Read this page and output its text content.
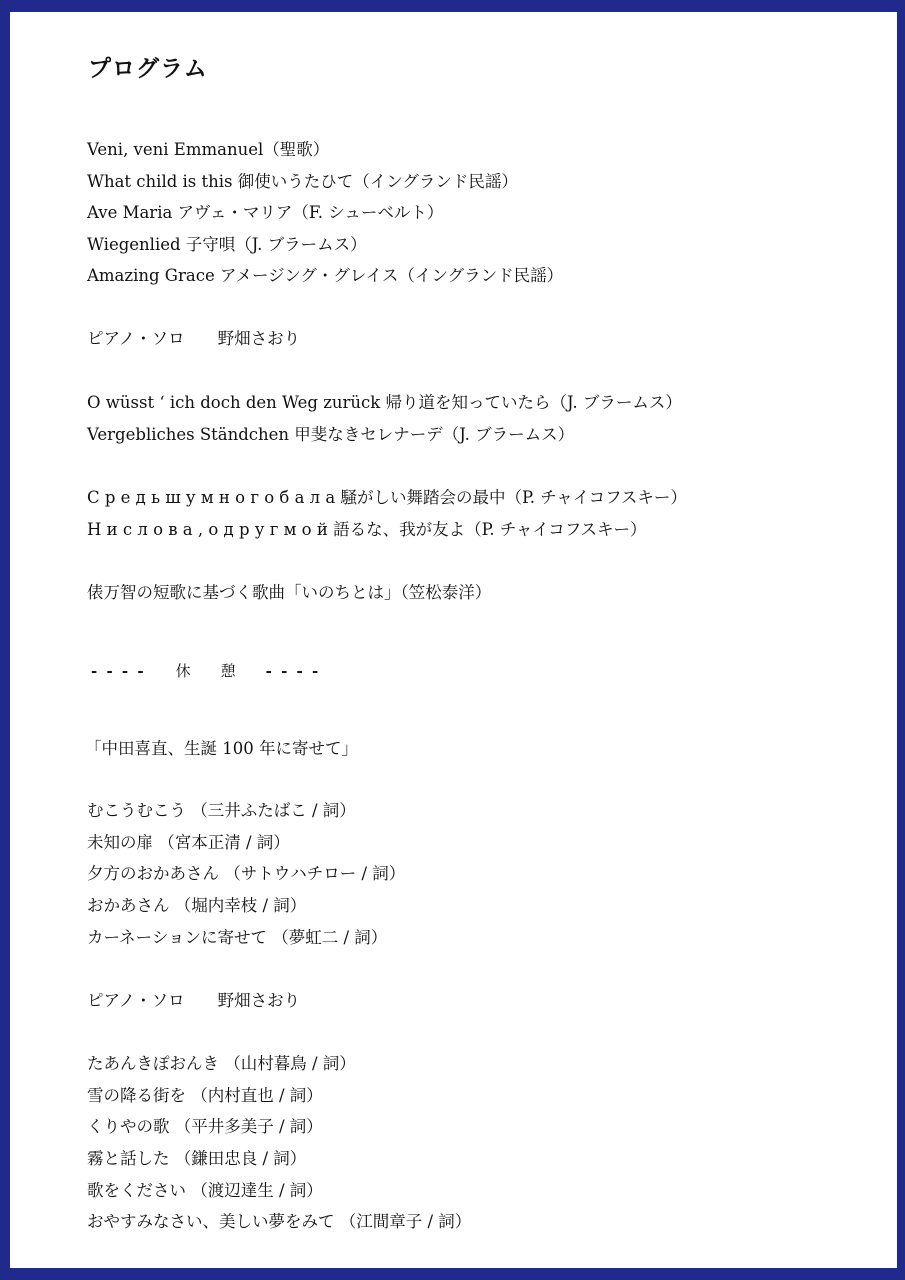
プログラム
Veni, veni Emmanuel（聖歌）
What child is this 御使いうたひて（イングランド民謡）
Ave Maria アヴェ・マリア（F. シューベルト）
Wiegenlied 子守唄（J. ブラームス）
Amazing Grace アメージング・グレイス（イングランド民謡）
ピアノ・ソロ　　野畑さおり
O wüsst ‘ ich doch den Weg zurück 帰り道を知っていたら（J. ブラームス）
Vergebliches Ständchen 甲斐なきセレナーデ（J. ブラームス）
С р е д ь ш у м н о г о б а л а 騒がしい舞踏会の最中（P. チャイコフスキー）
Н и с л о в а , о д р у г м о й 語るな、我が友よ（P. チャイコフスキー）
俵万智の短歌に基づく歌曲「いのちとは」（笠松泰洋）
- - - -　　 休　　憩　　 - - - -
「中田喜直、生誕 100 年に寄せて」
むこうむこう （三井ふたばこ / 詞）
未知の扉 （宮本正清 / 詞）
夕方のおかあさん （サトウハチロー / 詞）
おかあさん （堀内幸枝 / 詞）
カーネーションに寄せて （夢虹二 / 詞）
ピアノ・ソロ　　野畑さおり
たあんきぽおんき （山村暮鳥 / 詞）
雪の降る街を （内村直也 / 詞）
くりやの歌 （平井多美子 / 詞）
霧と話した （鎌田忠良 / 詞）
歌をください （渡辺達生 / 詞）
おやすみなさい、美しい夢をみて （江間章子 / 詞）
